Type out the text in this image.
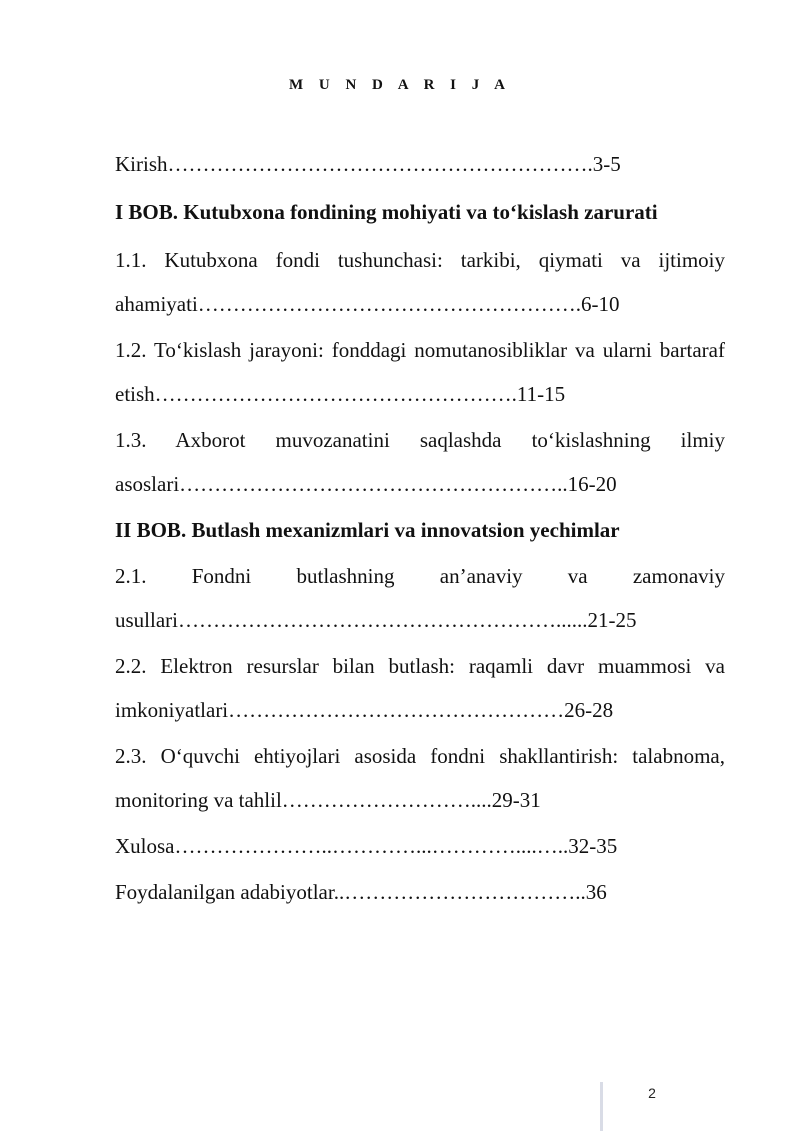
M U N D A R I J A

Kirish…………………………………………………….3-5

I BOB. Kutubxona fondining mohiyati va to‘kislash zarurati

1.1. Kutubxona fondi tushunchasi: tarkibi, qiymati va ijtimoiy ahamiyati……………………………………………….6-10

1.2. To‘kislash jarayoni: fonddagi nomutanosibliklar va ularni bartaraf etish…………………………………………….11-15

1.3. Axborot muvozanatini saqlashda to‘kislashning ilmiy asoslari………………………………………………..16-20

II BOB. Butlash mexanizmlari va innovatsion yechimlar

2.1. Fondni butlashning an’anaviy va zamonaviy usullari………………………………………………......21-25

2.2. Elektron resurslar bilan butlash: raqamli davr muammosi va imkoniyatlari…………………………………………26-28

2.3. O‘quvchi ehtiyojlari asosida fondni shakllantirish: talabnoma, monitoring va tahlil………………………....29-31

Xulosa…………………..…………...…………....…..32-35

Foydalanilgan adabiyotlar..……………………………..36

2
